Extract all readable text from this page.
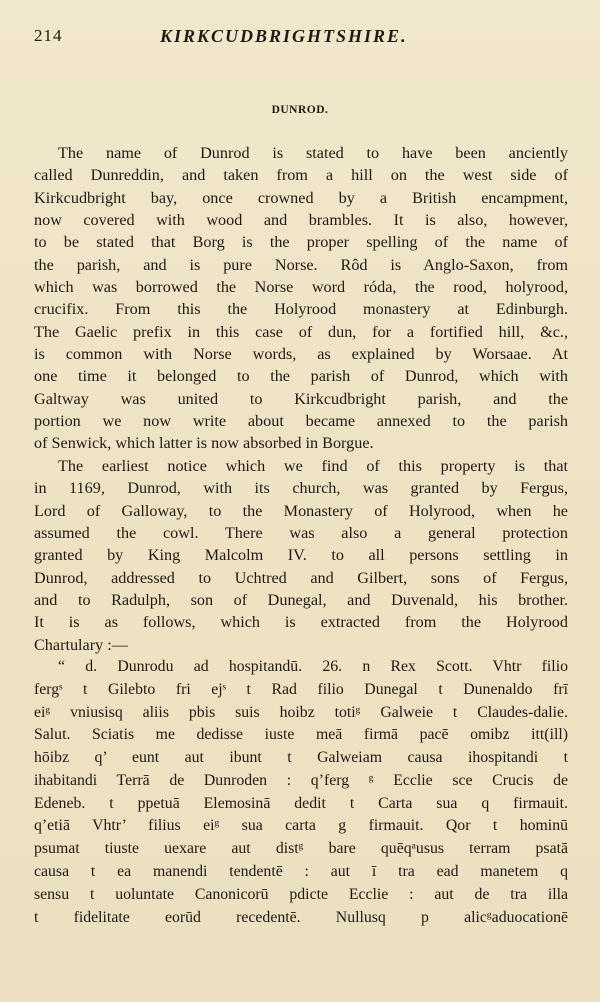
214	KIRKCUDBRIGHTSHIRE.
DUNROD.
The name of Dunrod is stated to have been anciently
called Dunreddin, and taken from a hill on the west side of
Kirkcudbright bay, once crowned by a British encampment,
now covered with wood and brambles. It is also, however,
to be stated that Borg is the proper spelling of the name of
the parish, and is pure Norse. Rôd is Anglo-Saxon, from
which was borrowed the Norse word róda, the rood, holyrood,
crucifix. From this the Holyrood monastery at Edinburgh.
The Gaelic prefix in this case of dun, for a fortified hill, &c.,
is common with Norse words, as explained by Worsaae. At
one time it belonged to the parish of Dunrod, which with
Galtway was united to Kirkcudbright parish, and the
portion we now write about became annexed to the parish
of Senwick, which latter is now absorbed in Borgue.
The earliest notice which we find of this property is that
in 1169, Dunrod, with its church, was granted by Fergus,
Lord of Galloway, to the Monastery of Holyrood, when he
assumed the cowl. There was also a general protection
granted by King Malcolm IV. to all persons settling in
Dunrod, addressed to Uchtred and Gilbert, sons of Fergus,
and to Radulph, son of Dunegal, and Duvenald, his brother.
It is as follows, which is extracted from the Holyrood
Chartulary :—
“ d. Dunrodu ad hospitandū. 26. n Rex Scott. Vhtr filio
fergˢ t Gilebto fri ejˢ t Rad filio Dunegal t Dunenaldo frī
eiᵍ vniusisq aliis pbis suis hoibz totiᵍ Galweie t Claudes-dalie.
Salut. Sciatis me dedisse iuste meā firmā pacē omibz itt(ill)
hōibz q’ eunt aut ibunt t Galweiam causa ihospitandi t
ihabitandi Terrā de Dunroden : q’ferg ᵍ Ecclie sce Crucis de
Edeneb. t ppetuā Elemosinā dedit t Carta sua q firmauit.
q’etiā Vhtr’ filius eiᵍ sua carta g firmauit. Qor t hominū
psumat tiuste uexare aut distᵍ bare quēqᵃusus terram psatā
causa t ea manendi tendentē : aut ī tra ead manetem q
sensu t uoluntate Canonicorū pdicte Ecclie : aut de tra illa
t fidelitate eorūd recedentē. Nullusq p alicᵍaduocationē
